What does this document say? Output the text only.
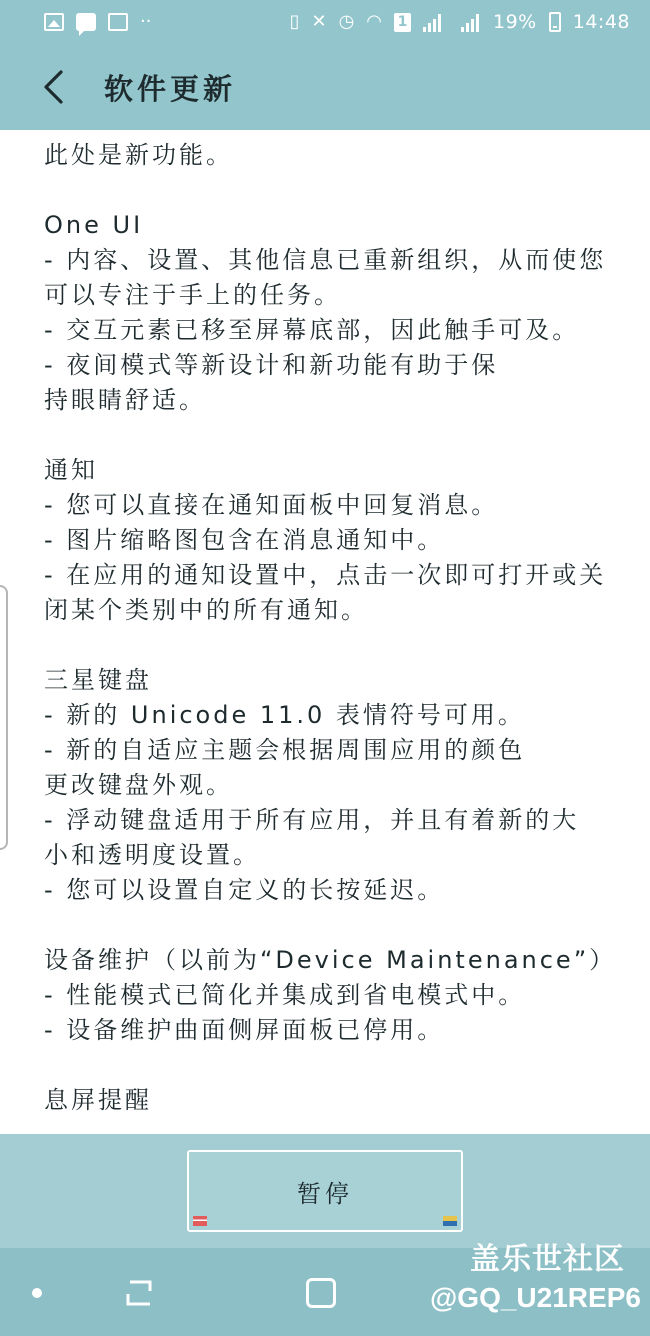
··	▯ ✕ ◷ ◠ 1	19% 14:48
软件更新
此处是新功能。
One UI
- 内容、设置、其他信息已重新组织，从而使您
可以专注于手上的任务。
- 交互元素已移至屏幕底部，因此触手可及。
- 夜间模式等新设计和新功能有助于保
持眼睛舒适。
通知
- 您可以直接在通知面板中回复消息。
- 图片缩略图包含在消息通知中。
- 在应用的通知设置中，点击一次即可打开或关
闭某个类别中的所有通知。
三星键盘
- 新的 Unicode 11.0 表情符号可用。
- 新的自适应主题会根据周围应用的颜色
更改键盘外观。
- 浮动键盘适用于所有应用，并且有着新的大
小和透明度设置。
- 您可以设置自定义的长按延迟。
设备维护（以前为“Device Maintenance”）
- 性能模式已简化并集成到省电模式中。
- 设备维护曲面侧屏面板已停用。
息屏提醒
暂停
盖乐世社区
@GQ_U21REP6
